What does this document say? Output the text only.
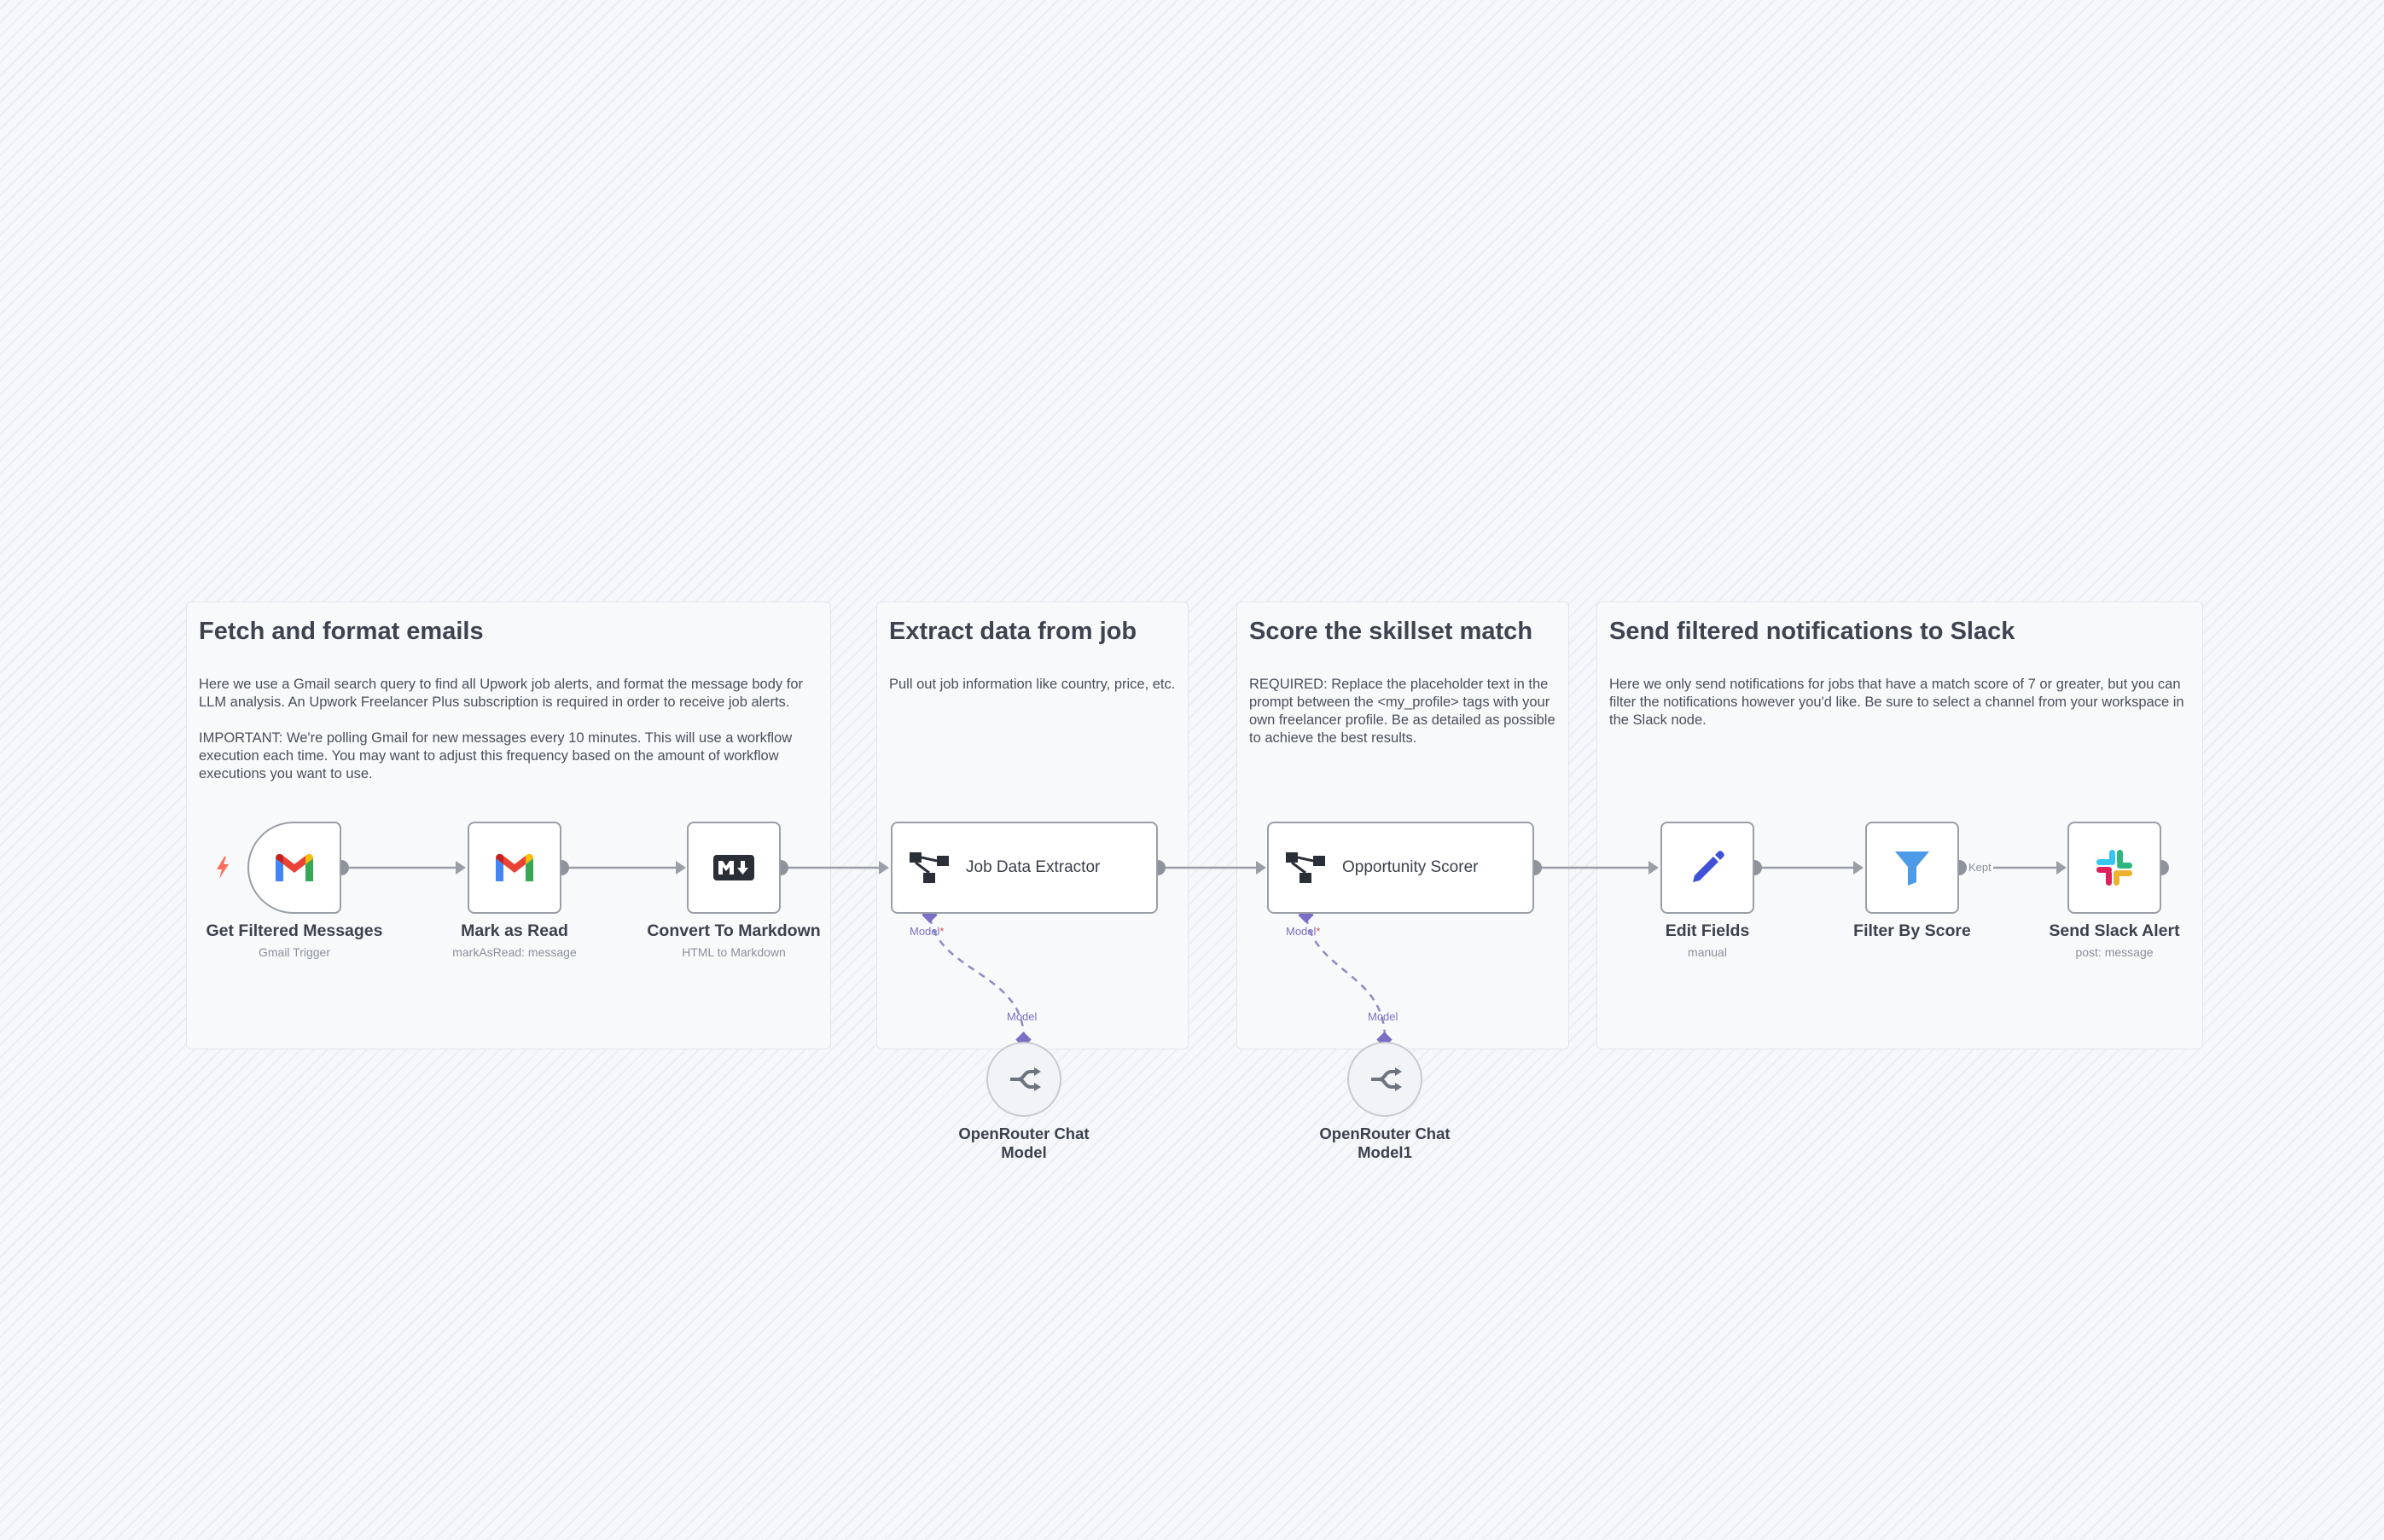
Fetch and format emails

Here we use a Gmail search query to find all Upwork job alerts, and format the message body for LLM analysis. An Upwork Freelancer Plus subscription is required in order to receive job alerts.

IMPORTANT: We're polling Gmail for new messages every 10 minutes. This will use a workflow execution each time. You may want to adjust this frequency based on the amount of workflow executions you want to use.

Extract data from job

Pull out job information like country, price, etc.

Score the skillset match

REQUIRED: Replace the placeholder text in the prompt between the <my_profile> tags with your own freelancer profile. Be as detailed as possible to achieve the best results.

Send filtered notifications to Slack

Here we only send notifications for jobs that have a match score of 7 or greater, but you can filter the notifications however you'd like. Be sure to select a channel from your workspace in the Slack node.

Get Filtered Messages
Gmail Trigger
Mark as Read
markAsRead: message
Convert To Markdown
HTML to Markdown
Job Data Extractor	Opportunity Scorer
Model*	Model*	Edit Fields
manual
Filter By Score
Kept
Send Slack Alert
post: message
Model
OpenRouter Chat Model
Model
OpenRouter Chat Model1
